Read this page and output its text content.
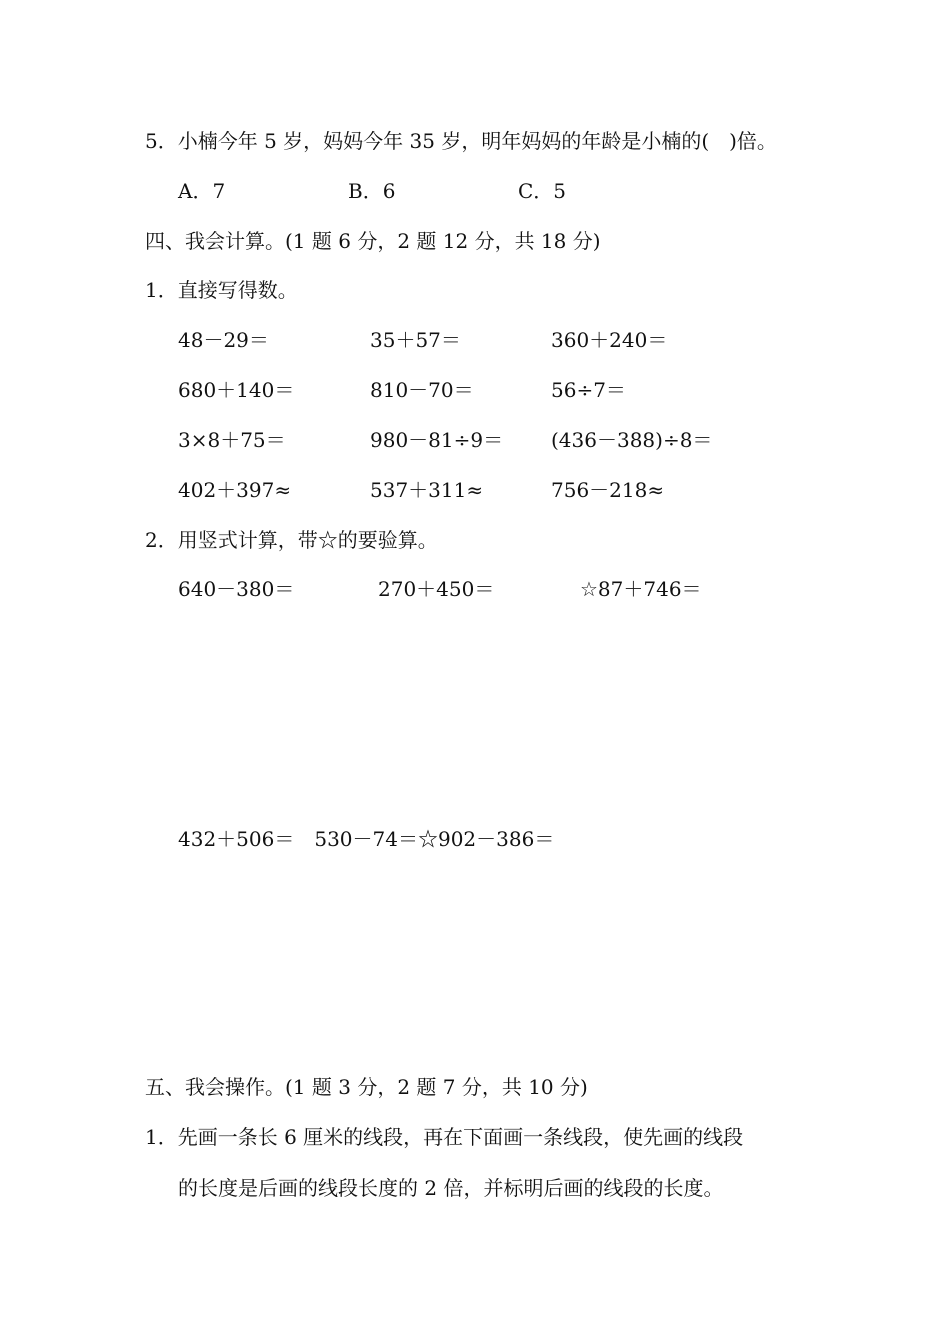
5．小楠今年 5 岁，妈妈今年 35 岁，明年妈妈的年龄是小楠的(　)倍。
A．7	B．6	C．5
四、我会计算。(1 题 6 分，2 题 12 分，共 18 分)
1．直接写得数。
48－29＝	35＋57＝	360＋240＝
680＋140＝	810－70＝	56÷7＝
3×8＋75＝	980－81÷9＝ (436－388)÷8＝
402＋397≈	537＋311≈	756－218≈
2．用竖式计算，带☆的要验算。
640－380＝	270＋450＝	☆87＋746＝
432＋506＝　530－74＝☆902－386＝
五、我会操作。(1 题 3 分，2 题 7 分，共 10 分)
1．先画一条长 6 厘米的线段，再在下面画一条线段，使先画的线段
的长度是后画的线段长度的 2 倍，并标明后画的线段的长度。
